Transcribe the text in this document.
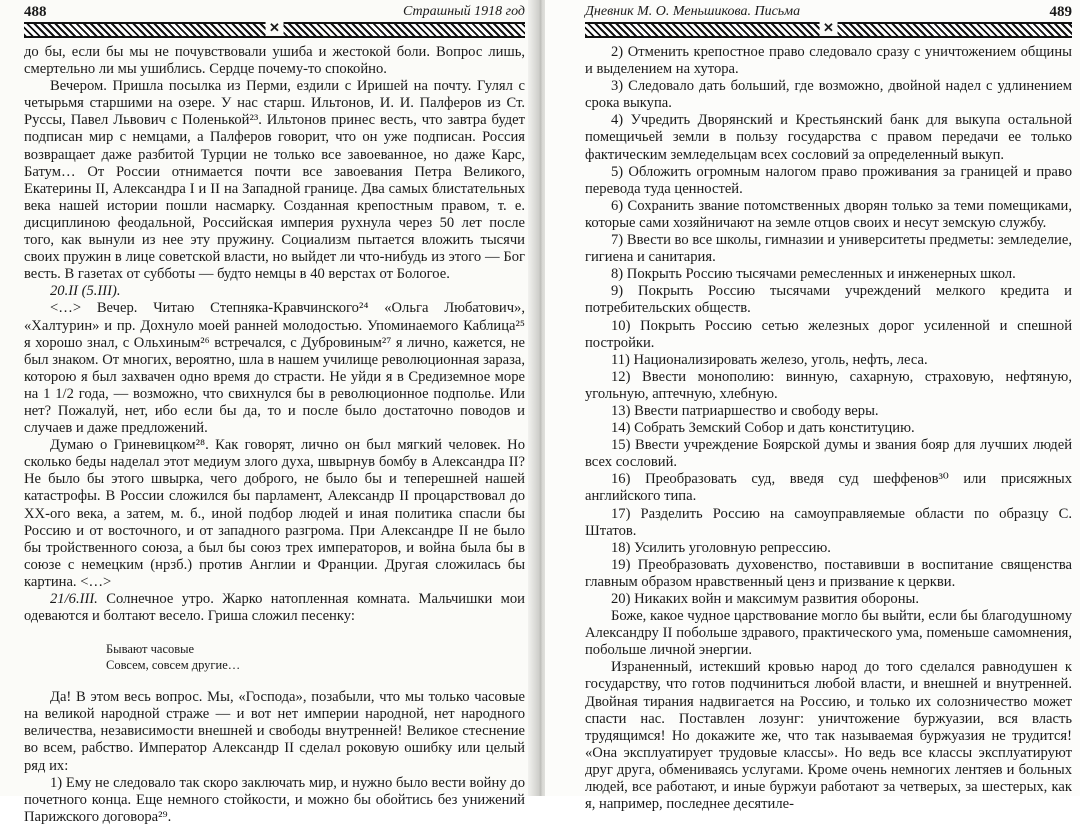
488	Страшный 1918 год
✕

до бы, если бы мы не почувствовали ушиба и жестокой боли. Вопрос лишь, смертельно ли мы ушиблись. Сердце почему-то спокойно.

Вечером. Пришла посылка из Перми, ездили с Иришей на почту. Гулял с четырьмя старшими на озере. У нас старш. Ильтонов, И. И. Палферов из Ст. Руссы, Павел Львович с Поленькой²³. Ильтонов принес весть, что завтра будет подписан мир с немцами, а Палферов говорит, что он уже подписан. Россия возвращает даже разбитой Турции не только все завоеванное, но даже Карс, Батум… От России отнимается почти все завоевания Петра Великого, Екатерины II, Александра I и II на Западной границе. Два самых блистательных века нашей истории пошли насмарку. Созданная крепостным правом, т. е. дисциплиною феодальной, Российская империя рухнула через 50 лет после того, как вынули из нее эту пружину. Социализм пытается вложить тысячи своих пружин в лице советской власти, но выйдет ли что-нибудь из этого — Бог весть. В газетах от субботы — будто немцы в 40 верстах от Бологое.

20.II (5.III).

<…> Вечер. Читаю Степняка-Кравчинского²⁴ «Ольга Любатович», «Халтурин» и пр. Дохнуло моей ранней молодостью. Упоминаемого Каблица²⁵ я хорошо знал, с Ольхиным²⁶ встречался, с Дубровиным²⁷ я лично, кажется, не был знаком. От многих, вероятно, шла в нашем училище революционная зараза, которою я был захвачен одно время до страсти. Не уйди я в Средиземное море на 1 1/2 года, — возможно, что свихнулся бы в революционное подполье. Или нет? Пожалуй, нет, ибо если бы да, то и после было достаточно поводов и случаев и даже предложений.

Думаю о Гриневицком²⁸. Как говорят, лично он был мягкий человек. Но сколько беды наделал этот медиум злого духа, швырнув бомбу в Александра II? Не было бы этого швырка, чего доброго, не было бы и теперешней нашей катастрофы. В России сложился бы парламент, Александр II процарствовал до XX-ого века, а затем, м. б., иной подбор людей и иная политика спасли бы Россию и от восточного, и от западного разгрома. При Александре II не было бы тройственного союза, а был бы союз трех императоров, и война была бы в союзе с немецким (нрзб.) против Англии и Франции. Другая сложилась бы картина. <…>

21/6.III. Солнечное утро. Жарко натопленная комната. Мальчишки мои одеваются и болтают весело. Гриша сложил песенку:

Бывают часовые
Совсем, совсем другие…

Да! В этом весь вопрос. Мы, «Господа», позабыли, что мы только часовые на великой народной страже — и вот нет империи народной, нет народного величества, независимости внешней и свободы внутренней! Великое стеснение во всем, рабство. Император Александр II сделал роковую ошибку или целый ряд их:

1) Ему не следовало так скоро заключать мир, и нужно было вести войну до почетного конца. Еще немного стойкости, и можно бы обойтись без унижений Парижского договора²⁹.

Дневник М. О. Меньшикова. Письма	489
✕

2) Отменить крепостное право следовало сразу с уничтожением общины и выделением на хутора.

3) Следовало дать больший, где возможно, двойной надел с удлинением срока выкупа.

4) Учредить Дворянский и Крестьянский банк для выкупа остальной помещичьей земли в пользу государства с правом передачи ее только фактическим земледельцам всех сословий за определенный выкуп.

5) Обложить огромным налогом право проживания за границей и право перевода туда ценностей.

6) Сохранить звание потомственных дворян только за теми помещиками, которые сами хозяйничают на земле отцов своих и несут земскую службу.

7) Ввести во все школы, гимназии и университеты предметы: земледелие, гигиена и санитария.

8) Покрыть Россию тысячами ремесленных и инженерных школ.

9) Покрыть Россию тысячами учреждений мелкого кредита и потребительских обществ.

10) Покрыть Россию сетью железных дорог усиленной и спешной постройки.

11) Национализировать железо, уголь, нефть, леса.

12) Ввести монополию: винную, сахарную, страховую, нефтяную, угольную, аптечную, хлебную.

13) Ввести патриаршество и свободу веры.

14) Собрать Земский Собор и дать конституцию.

15) Ввести учреждение Боярской думы и звания бояр для лучших людей всех сословий.

16) Преобразовать суд, введя суд шеффенов³⁰ или присяжных английского типа.

17) Разделить Россию на самоуправляемые области по образцу С. Штатов.

18) Усилить уголовную репрессию.

19) Преобразовать духовенство, поставивши в воспитание священства главным образом нравственный ценз и призвание к церкви.

20) Никаких войн и максимум развития обороны.

Боже, какое чудное царствование могло бы выйти, если бы благодушному Александру II побольше здравого, практического ума, поменьше самомнения, побольше личной энергии.

Израненный, истекший кровью народ до того сделался равнодушен к государству, что готов подчиниться любой власти, и внешней и внутренней. Двойная тирания надвигается на Россию, и только их солозничество может спасти нас. Поставлен лозунг: уничтожение буржуазии, вся власть трудящимся! Но докажите же, что так называемая буржуазия не трудится! «Она эксплуатирует трудовые классы». Но ведь все классы эксплуатируют друг друга, обмениваясь услугами. Кроме очень немногих лентяев и больных людей, все работают, и иные буржуи работают за четверых, за шестерых, как я, например, последнее десятиле-
